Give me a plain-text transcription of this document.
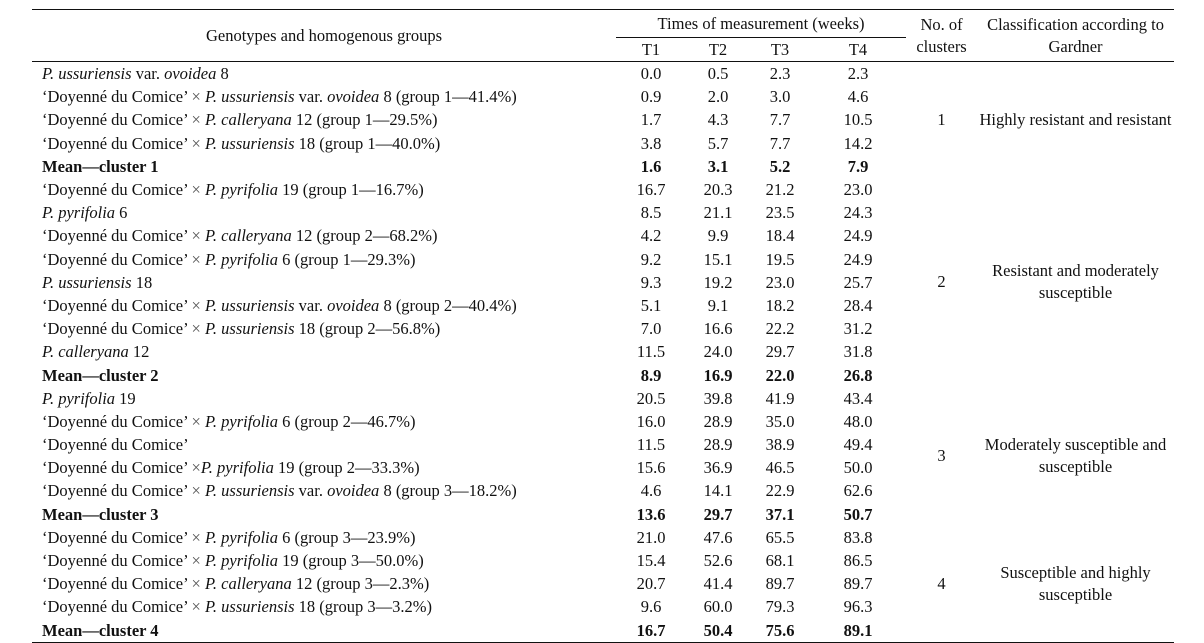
Genotypes and homogenous groups	Times of measurement (weeks)				No. of clusters	Classification according to Gardner
	T1	T2	T3	T4		
P. ussuriensis var. ovoidea 8	0.0	0.5	2.3	2.3	1	Highly resistant and resistant
‘Doyenné du Comice’ × P. ussuriensis var. ovoidea 8 (group 1—41.4%)	0.9	2.0	3.0	4.6		
‘Doyenné du Comice’ × P. calleryana 12 (group 1—29.5%)	1.7	4.3	7.7	10.5		
‘Doyenné du Comice’ × P. ussuriensis 18 (group 1—40.0%)	3.8	5.7	7.7	14.2		
Mean—cluster 1	1.6	3.1	5.2	7.9		
‘Doyenné du Comice’ × P. pyrifolia 19 (group 1—16.7%)	16.7	20.3	21.2	23.0	2	Resistant and moderately susceptible
P. pyrifolia 6	8.5	21.1	23.5	24.3		
‘Doyenné du Comice’ × P. calleryana 12 (group 2—68.2%)	4.2	9.9	18.4	24.9		
‘Doyenné du Comice’ × P. pyrifolia 6 (group 1—29.3%)	9.2	15.1	19.5	24.9		
P. ussuriensis 18	9.3	19.2	23.0	25.7		
‘Doyenné du Comice’ × P. ussuriensis var. ovoidea 8 (group 2—40.4%)	5.1	9.1	18.2	28.4		
‘Doyenné du Comice’ × P. ussuriensis 18 (group 2—56.8%)	7.0	16.6	22.2	31.2		
P. calleryana 12	11.5	24.0	29.7	31.8		
Mean—cluster 2	8.9	16.9	22.0	26.8		
P. pyrifolia 19	20.5	39.8	41.9	43.4	3	Moderately susceptible and susceptible
‘Doyenné du Comice’ × P. pyrifolia 6 (group 2—46.7%)	16.0	28.9	35.0	48.0		
‘Doyenné du Comice’	11.5	28.9	38.9	49.4		
‘Doyenné du Comice’ ×P. pyrifolia 19 (group 2—33.3%)	15.6	36.9	46.5	50.0		
‘Doyenné du Comice’ × P. ussuriensis var. ovoidea 8 (group 3—18.2%)	4.6	14.1	22.9	62.6		
Mean—cluster 3	13.6	29.7	37.1	50.7		
‘Doyenné du Comice’ × P. pyrifolia 6 (group 3—23.9%)	21.0	47.6	65.5	83.8	4	Susceptible and highly susceptible
‘Doyenné du Comice’ × P. pyrifolia 19 (group 3—50.0%)	15.4	52.6	68.1	86.5		
‘Doyenné du Comice’ × P. calleryana 12 (group 3—2.3%)	20.7	41.4	89.7	89.7		
‘Doyenné du Comice’ × P. ussuriensis 18 (group 3—3.2%)	9.6	60.0	79.3	96.3		
Mean—cluster 4	16.7	50.4	75.6	89.1		
